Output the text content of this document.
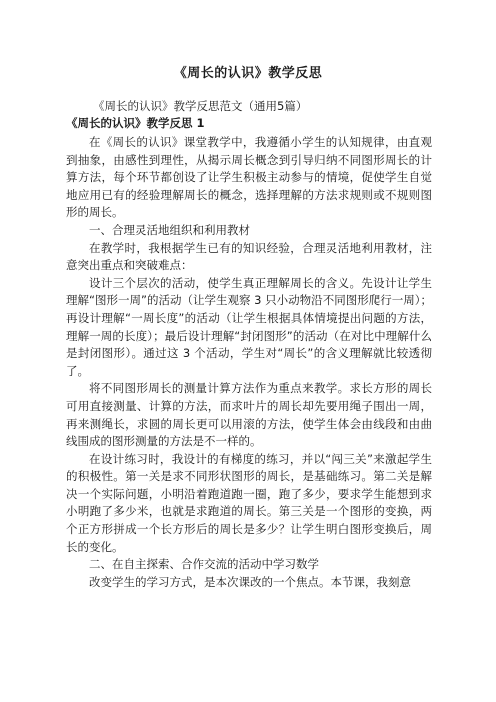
《周长的认识》教学反思
《周长的认识》教学反思范文（通用5篇）
《周长的认识》教学反思 1

在《周长的认识》课堂教学中，我遵循小学生的认知规律，由直观到抽象，由感性到理性，从揭示周长概念到引导归纳不同图形周长的计算方法，每个环节都创设了让学生积极主动参与的情境，促使学生自觉地应用已有的经验理解周长的概念，选择理解的方法求规则或不规则图形的周长。

一、合理灵活地组织和利用教材

在教学时，我根据学生已有的知识经验，合理灵活地利用教材，注意突出重点和突破难点：

设计三个层次的活动，使学生真正理解周长的含义。先设计让学生理解“图形一周”的活动（让学生观察 3 只小动物沿不同图形爬行一周）；再设计理解“一周长度”的活动（让学生根据具体情境提出问题的方法，理解一周的长度）；最后设计理解“封闭图形”的活动（在对比中理解什么是封闭图形）。通过这 3 个活动，学生对“周长”的含义理解就比较透彻了。

将不同图形周长的测量计算方法作为重点来教学。求长方形的周长可用直接测量、计算的方法，而求叶片的周长却先要用绳子围出一周，再来测绳长，求圆的周长更可以用滚的方法，使学生体会由线段和由曲线围成的图形测量的方法是不一样的。

在设计练习时，我设计的有梯度的练习，并以“闯三关”来激起学生的积极性。第一关是求不同形状图形的周长，是基础练习。第二关是解决一个实际问题，小明沿着跑道跑一圈，跑了多少，要求学生能想到求小明跑了多少米，也就是求跑道的周长。第三关是一个图形的变换，两个正方形拼成一个长方形后的周长是多少？让学生明白图形变换后，周长的变化。

二、在自主探索、合作交流的活动中学习数学

改变学生的学习方式，是本次课改的一个焦点。本节课，我刻意
